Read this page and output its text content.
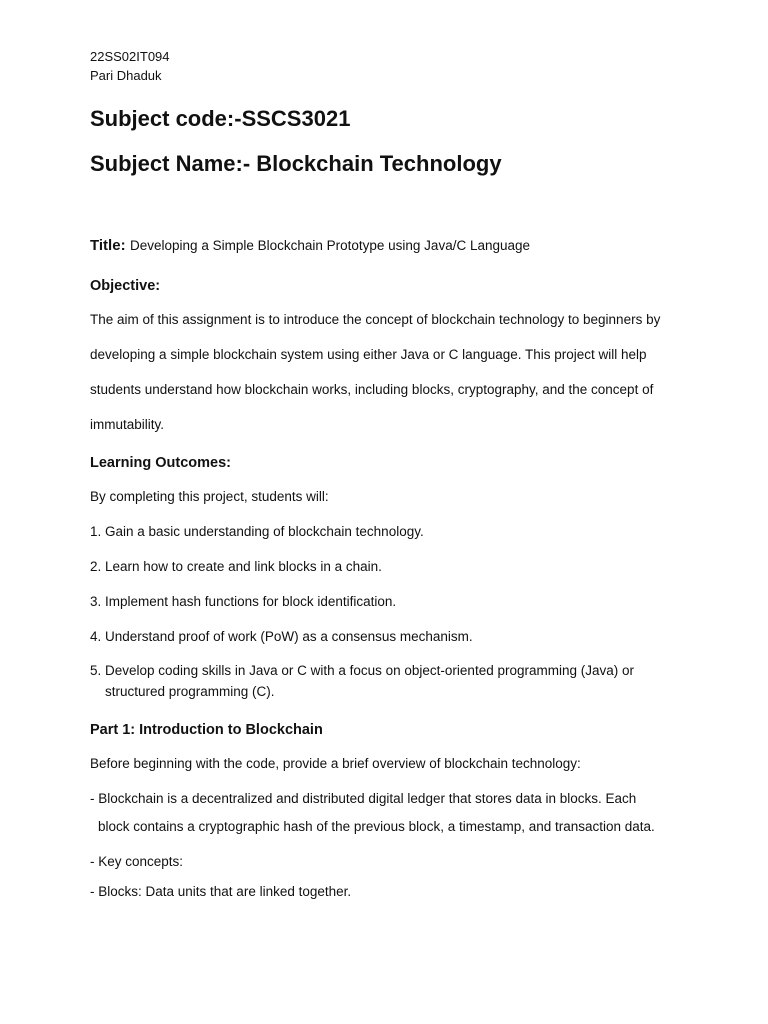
22SS02IT094
Pari Dhaduk
Subject code:-SSCS3021
Subject Name:- Blockchain Technology
Title: Developing a Simple Blockchain Prototype using Java/C Language
Objective:
The aim of this assignment is to introduce the concept of blockchain technology to beginners by
developing a simple blockchain system using either Java or C language. This project will help
students understand how blockchain works, including blocks, cryptography, and the concept of
immutability.
Learning Outcomes:
By completing this project, students will:
1. Gain a basic understanding of blockchain technology.
2. Learn how to create and link blocks in a chain.
3. Implement hash functions for block identification.
4. Understand proof of work (PoW) as a consensus mechanism.
5. Develop coding skills in Java or C with a focus on object-oriented programming (Java) or
structured programming (C).
Part 1: Introduction to Blockchain
Before beginning with the code, provide a brief overview of blockchain technology:
- Blockchain is a decentralized and distributed digital ledger that stores data in blocks. Each
block contains a cryptographic hash of the previous block, a timestamp, and transaction data.
- Key concepts:
- Blocks: Data units that are linked together.
